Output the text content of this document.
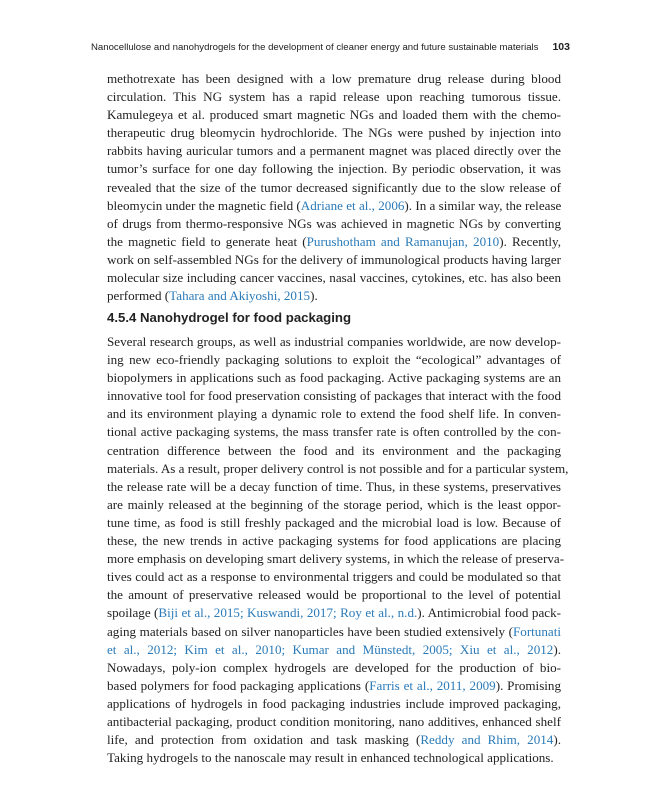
Nanocellulose and nanohydrogels for the development of cleaner energy and future sustainable materials 103

methotrexate has been designed with a low premature drug release during blood
circulation. This NG system has a rapid release upon reaching tumorous tissue.
Kamulegeya et al. produced smart magnetic NGs and loaded them with the chemo-
therapeutic drug bleomycin hydrochloride. The NGs were pushed by injection into
rabbits having auricular tumors and a permanent magnet was placed directly over the
tumor’s surface for one day following the injection. By periodic observation, it was
revealed that the size of the tumor decreased significantly due to the slow release of
bleomycin under the magnetic field (Adriane et al., 2006). In a similar way, the release
of drugs from thermo-responsive NGs was achieved in magnetic NGs by converting
the magnetic field to generate heat (Purushotham and Ramanujan, 2010). Recently,
work on self-assembled NGs for the delivery of immunological products having larger
molecular size including cancer vaccines, nasal vaccines, cytokines, etc. has also been
performed (Tahara and Akiyoshi, 2015).

4.5.4 Nanohydrogel for food packaging

Several research groups, as well as industrial companies worldwide, are now develop-
ing new eco-friendly packaging solutions to exploit the “ecological” advantages of
biopolymers in applications such as food packaging. Active packaging systems are an
innovative tool for food preservation consisting of packages that interact with the food
and its environment playing a dynamic role to extend the food shelf life. In conven-
tional active packaging systems, the mass transfer rate is often controlled by the con-
centration difference between the food and its environment and the packaging
materials. As a result, proper delivery control is not possible and for a particular system,
the release rate will be a decay function of time. Thus, in these systems, preservatives
are mainly released at the beginning of the storage period, which is the least oppor-
tune time, as food is still freshly packaged and the microbial load is low. Because of
these, the new trends in active packaging systems for food applications are placing
more emphasis on developing smart delivery systems, in which the release of preserva-
tives could act as a response to environmental triggers and could be modulated so that
the amount of preservative released would be proportional to the level of potential
spoilage (Biji et al., 2015; Kuswandi, 2017; Roy et al., n.d.). Antimicrobial food pack-
aging materials based on silver nanoparticles have been studied extensively (Fortunati
et al., 2012; Kim et al., 2010; Kumar and Münstedt, 2005; Xiu et al., 2012).
Nowadays, poly-ion complex hydrogels are developed for the production of bio-
based polymers for food packaging applications (Farris et al., 2011, 2009). Promising
applications of hydrogels in food packaging industries include improved packaging,
antibacterial packaging, product condition monitoring, nano additives, enhanced shelf
life, and protection from oxidation and task masking (Reddy and Rhim, 2014).
Taking hydrogels to the nanoscale may result in enhanced technological applications.
